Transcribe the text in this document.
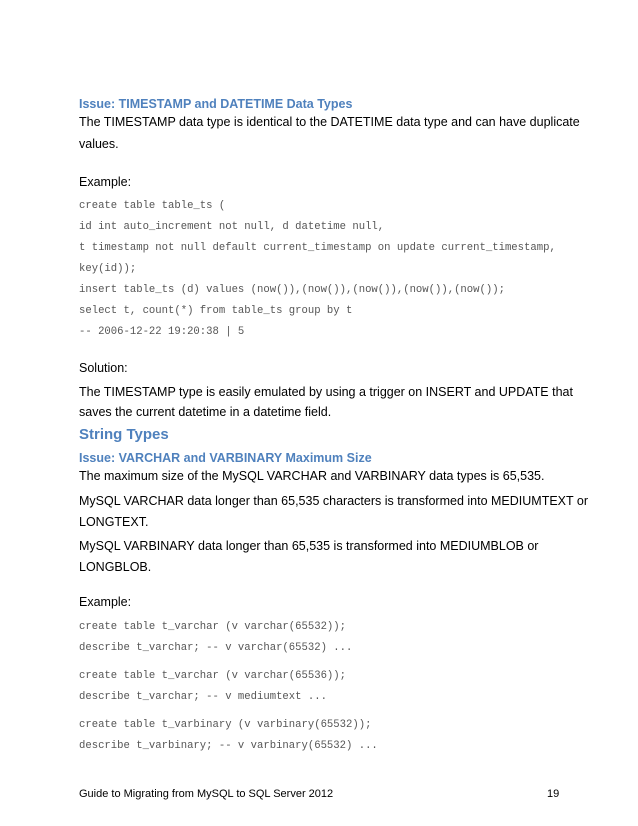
Issue: TIMESTAMP and DATETIME Data Types
The TIMESTAMP data type is identical to the DATETIME data type and can have duplicate
values.
Example:
create table table_ts (
id int auto_increment not null, d datetime null,
t timestamp not null default current_timestamp on update current_timestamp,
key(id));
insert table_ts (d) values (now()),(now()),(now()),(now()),(now());
select t, count(*) from table_ts group by t
-- 2006-12-22 19:20:38 | 5
Solution:
The TIMESTAMP type is easily emulated by using a trigger on INSERT and UPDATE that
saves the current datetime in a datetime field.
String Types
Issue: VARCHAR and VARBINARY Maximum Size
The maximum size of the MySQL VARCHAR and VARBINARY data types is 65,535.
MySQL VARCHAR data longer than 65,535 characters is transformed into MEDIUMTEXT or
LONGTEXT.
MySQL VARBINARY data longer than 65,535 is transformed into MEDIUMBLOB or
LONGBLOB.
Example:
create table t_varchar (v varchar(65532));
describe t_varchar; -- v varchar(65532) ...
create table t_varchar (v varchar(65536));
describe t_varchar; -- v mediumtext ...
create table t_varbinary (v varbinary(65532));
describe t_varbinary; -- v varbinary(65532) ...
Guide to Migrating from MySQL to SQL Server 2012	19
